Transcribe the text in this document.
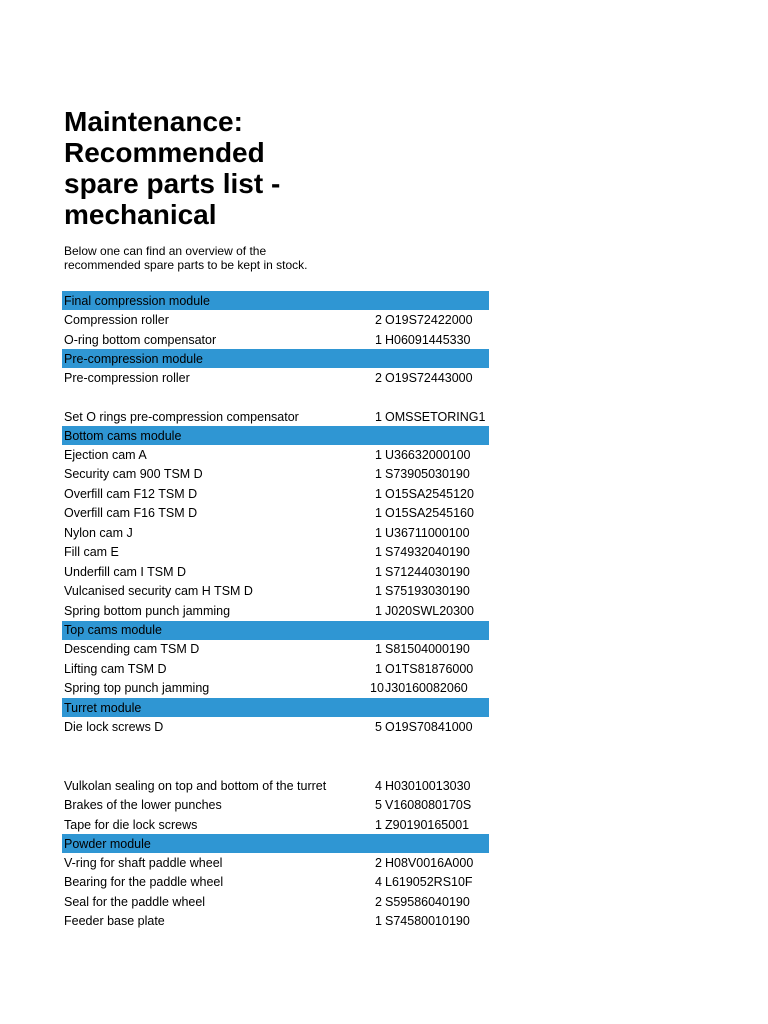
Maintenance:
Recommended
spare parts list -
mechanical

Below one can find an overview of the recommended spare parts to be kept in stock.

Final compression module
Compression roller	2 O19S72422000
O-ring bottom compensator	1 H06091445330
Pre-compression module
Pre-compression roller	2 O19S72443000
Set O rings pre-compression compensator	1 OMSSETORING1
Bottom cams module
Ejection cam A	1 U36632000100
Security cam 900 TSM D	1 S73905030190
Overfill cam F12 TSM D	1 O15SA2545120
Overfill cam F16 TSM D	1 O15SA2545160
Nylon cam J	1 U36711000100
Fill cam E	1 S74932040190
Underfill cam I TSM D	1 S71244030190
Vulcanised security cam H TSM D	1 S75193030190
Spring bottom punch jamming	1 J020SWL20300
Top cams module
Descending cam TSM D	1 S81504000190
Lifting cam TSM D	1 O1TS81876000
Spring top punch jamming	10 J30160082060
Turret module
Die lock screws D	5 O19S70841000
Vulkolan sealing on top and bottom of the turret	4 H03010013030
Brakes of the lower punches	5 V1608080170S
Tape for die lock screws	1 Z90190165001
Powder module
V-ring for shaft paddle wheel	2 H08V0016A000
Bearing for the paddle wheel	4 L619052RS10F
Seal for the paddle wheel	2 S59586040190
Feeder base plate	1 S74580010190
